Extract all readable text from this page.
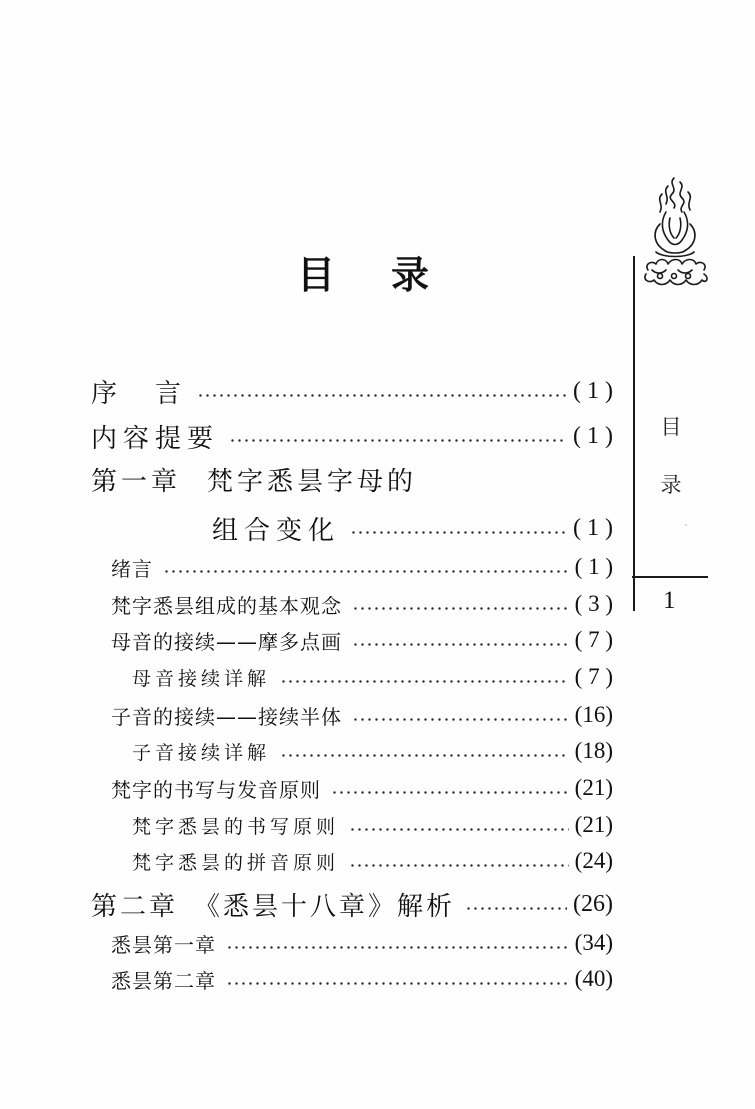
目
录
1
目 录
序　言	( 1 )
内容提要	( 1 )
第一章 梵字悉昙字母的
组合变化	( 1 )
绪言	( 1 )
梵字悉昙组成的基本观念	( 3 )
母音的接续——摩多点画	( 7 )
母音接续详解	( 7 )
子音的接续——接续半体	(16)
子音接续详解	(18)
梵字的书写与发音原则	(21)
梵字悉昙的书写原则	(21)
梵字悉昙的拼音原则	(24)
第二章　《悉昙十八章》解析	(26)
悉昙第一章	(34)
悉昙第二章	(40)
